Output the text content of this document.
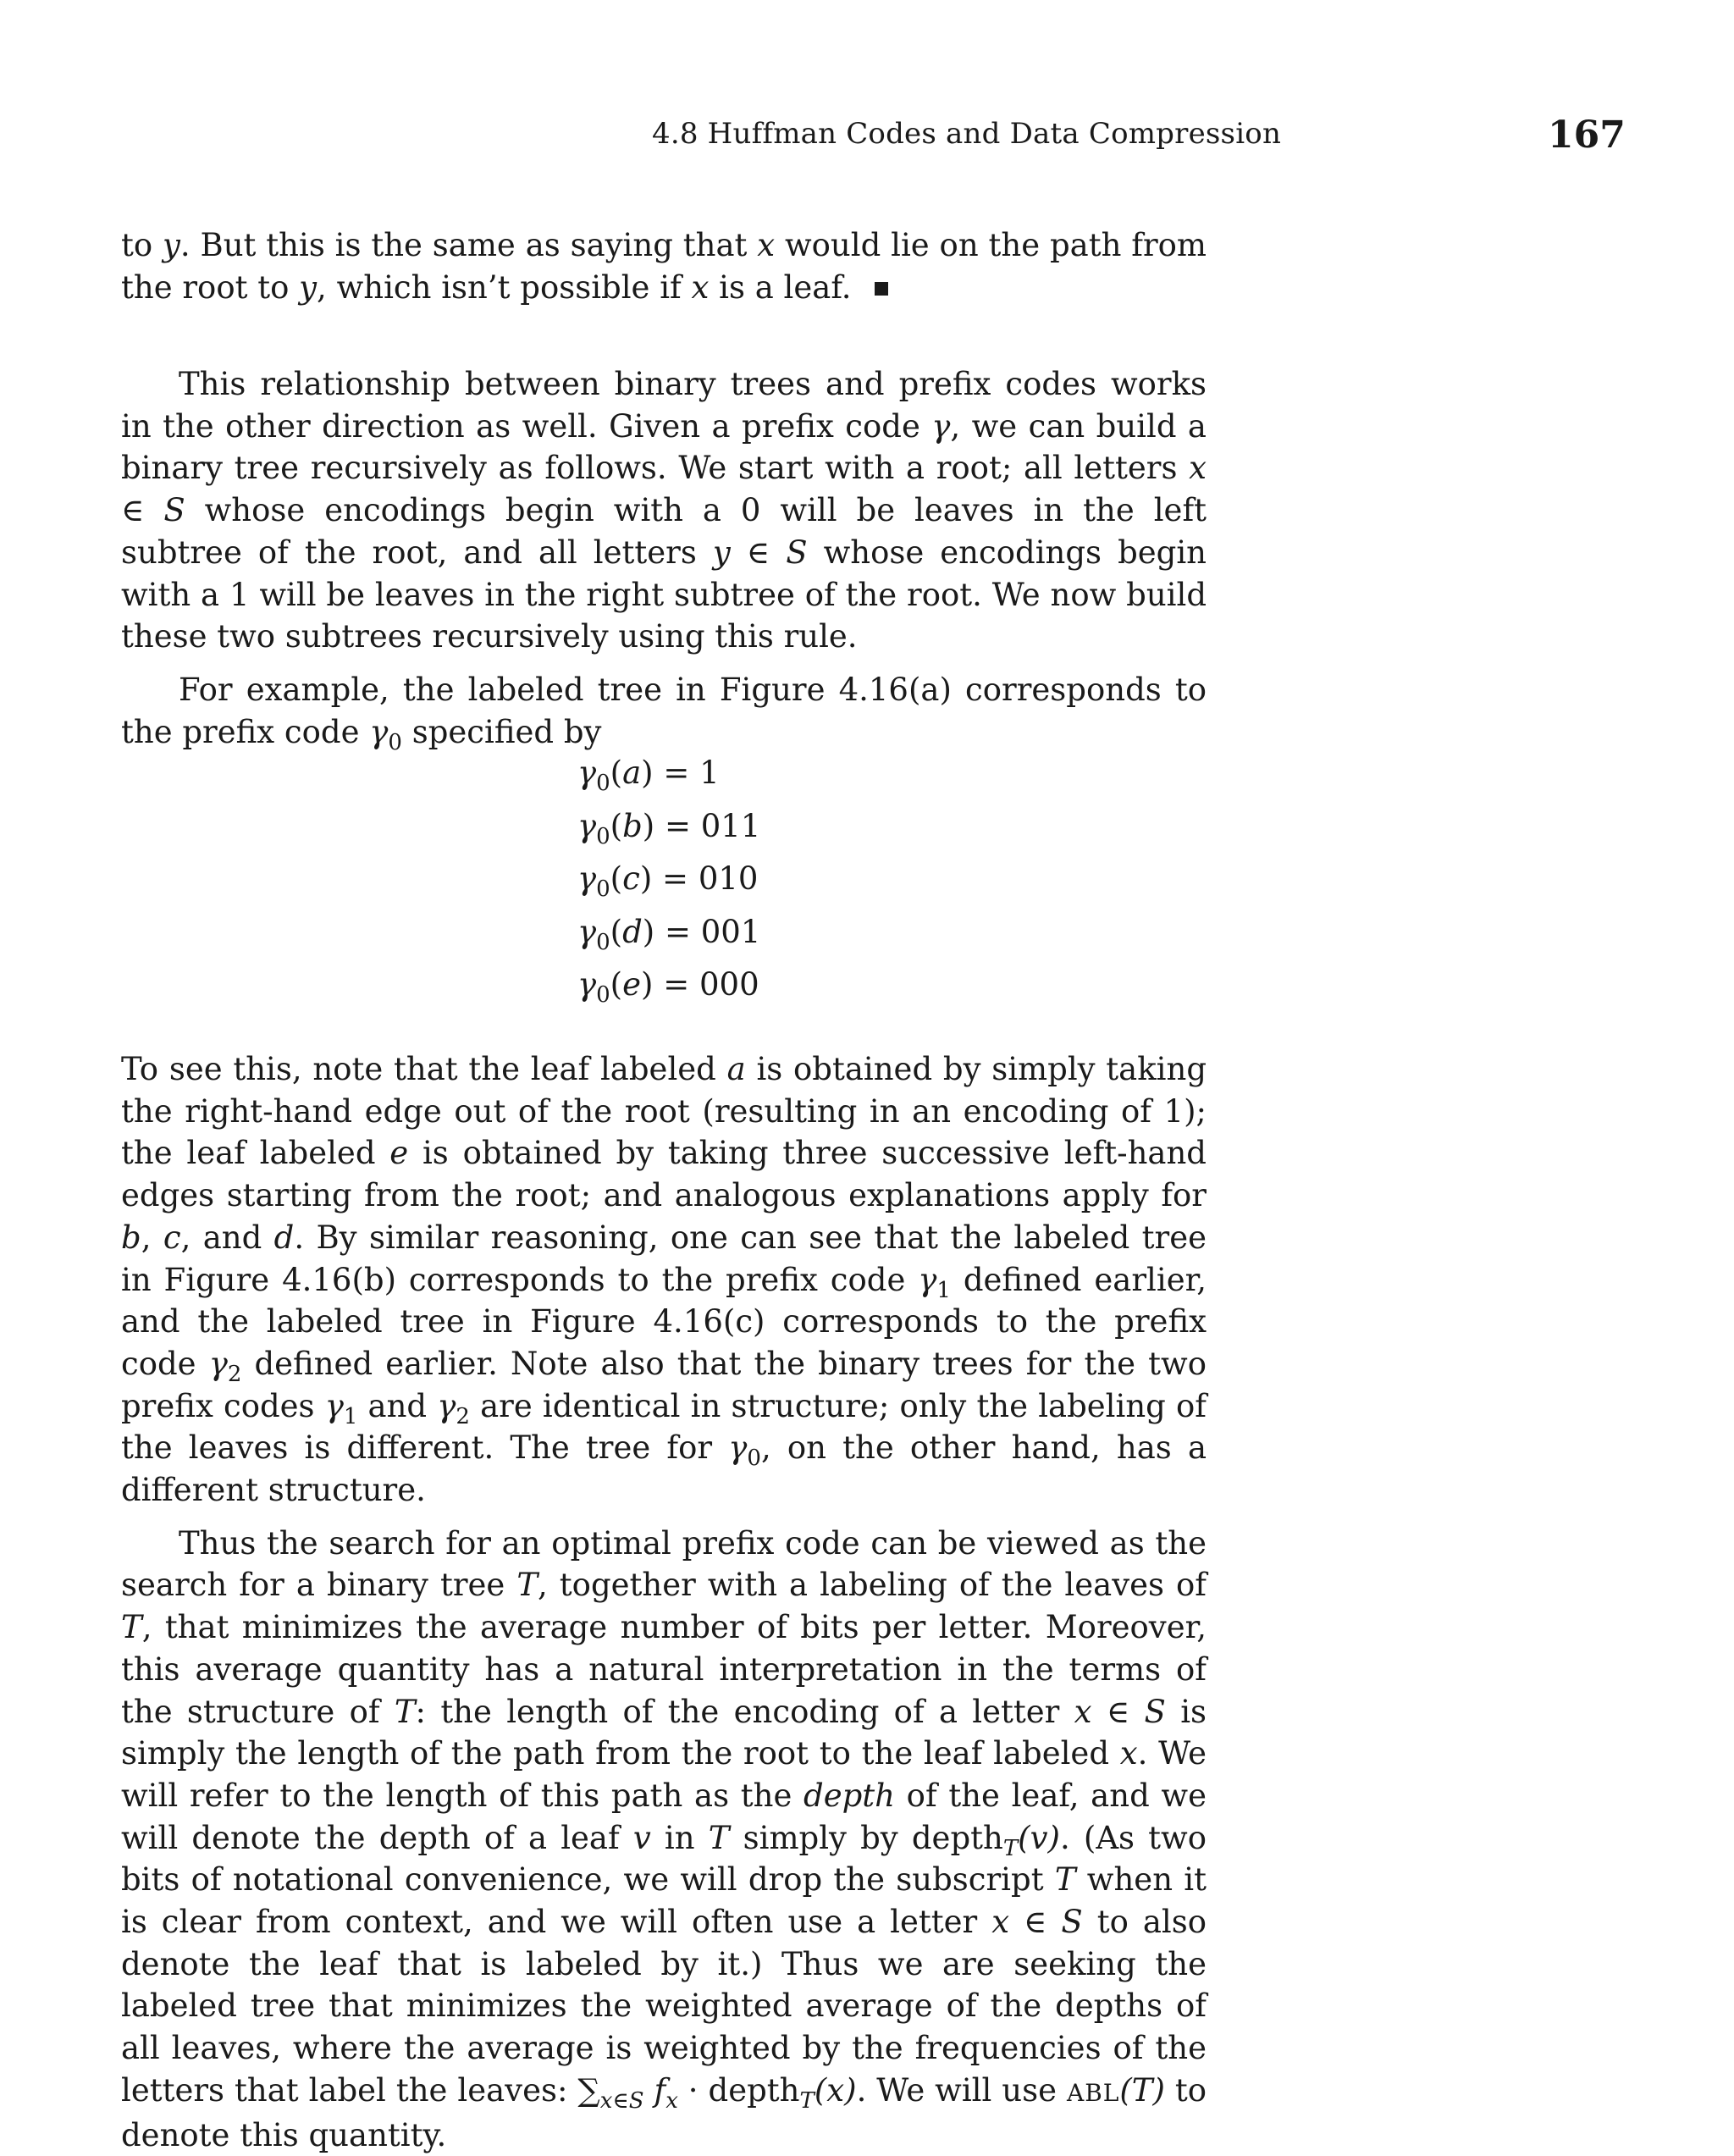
4.8 Huffman Codes and Data Compression	167

to y. But this is the same as saying that x would lie on the path from the root to y, which isn’t possible if x is a leaf.

This relationship between binary trees and prefix codes works in the other direction as well. Given a prefix code γ, we can build a binary tree recursively as follows. We start with a root; all letters x ∈ S whose encodings begin with a 0 will be leaves in the left subtree of the root, and all letters y ∈ S whose encodings begin with a 1 will be leaves in the right subtree of the root. We now build these two subtrees recursively using this rule.

For example, the labeled tree in Figure 4.16(a) corresponds to the prefix code $\gamma_0$ specified by

$\gamma_0(a) = 1$
$\gamma_0(b) = 011$
$\gamma_0(c) = 010$
$\gamma_0(d) = 001$
$\gamma_0(e) = 000$

To see this, note that the leaf labeled a is obtained by simply taking the right-hand edge out of the root (resulting in an encoding of 1); the leaf labeled e is obtained by taking three successive left-hand edges starting from the root; and analogous explanations apply for b, c, and d. By similar reasoning, one can see that the labeled tree in Figure 4.16(b) corresponds to the prefix code $\gamma_1$ defined earlier, and the labeled tree in Figure 4.16(c) corresponds to the prefix code $\gamma_2$ defined earlier. Note also that the binary trees for the two prefix codes $\gamma_1$ and $\gamma_2$ are identical in structure; only the labeling of the leaves is different. The tree for $\gamma_0$, on the other hand, has a different structure.

Thus the search for an optimal prefix code can be viewed as the search for a binary tree T, together with a labeling of the leaves of T, that minimizes the average number of bits per letter. Moreover, this average quantity has a natural interpretation in the terms of the structure of T: the length of the encoding of a letter x ∈ S is simply the length of the path from the root to the leaf labeled x. We will refer to the length of this path as the depth of the leaf, and we will denote the depth of a leaf v in T simply by depth$_T$(v). (As two bits of notational convenience, we will drop the subscript T when it is clear from context, and we will often use a letter x ∈ S to also denote the leaf that is labeled by it.) Thus we are seeking the labeled tree that minimizes the weighted average of the depths of all leaves, where the average is weighted by the frequencies of the letters that label the leaves: $\sum_{x\in S}$ $f_x$ · depth$_T$(x). We will use ABL(T) to denote this quantity.
